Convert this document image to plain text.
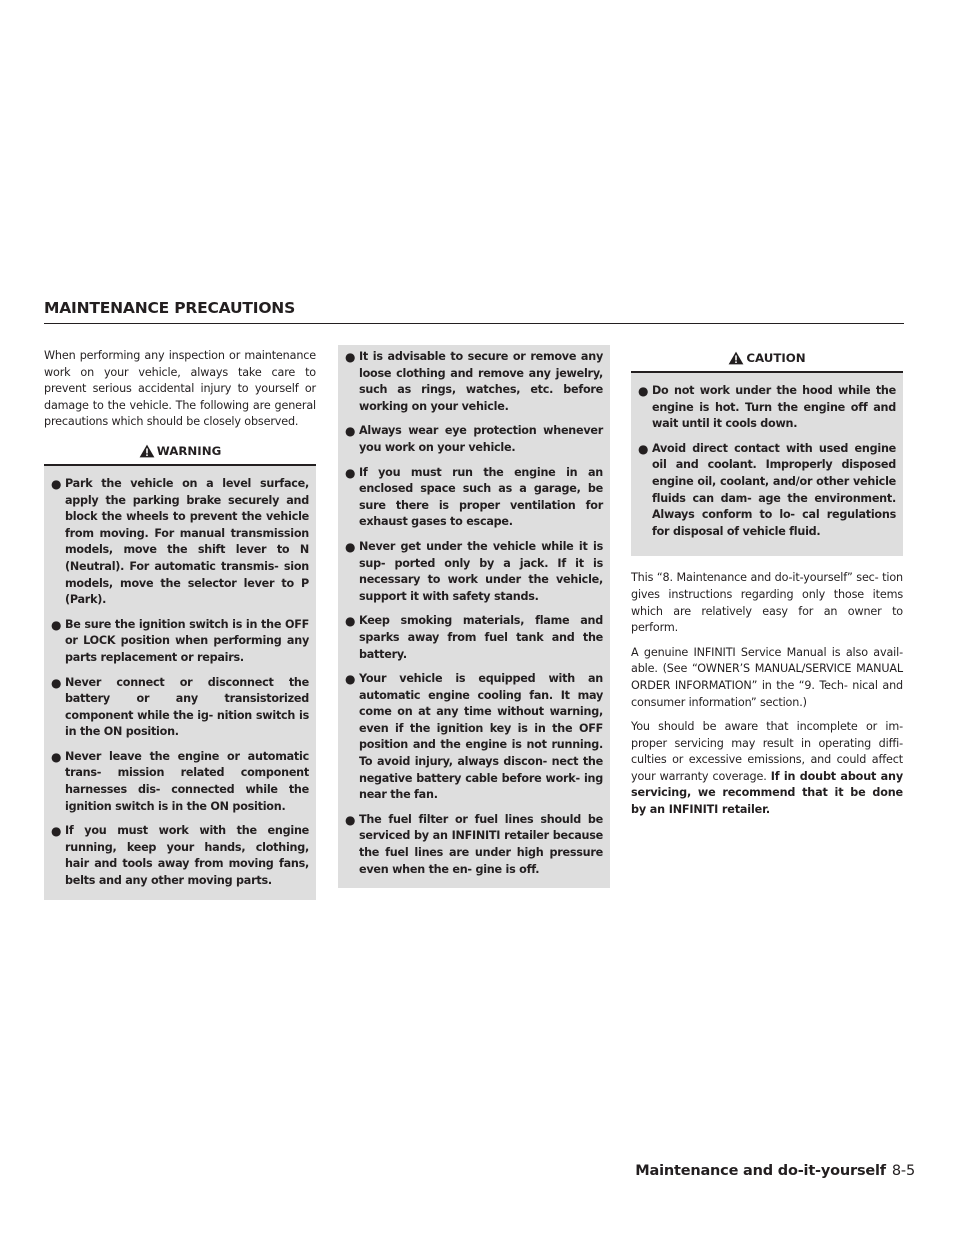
MAINTENANCE PRECAUTIONS

When performing any inspection or maintenance work on your vehicle, always take care to prevent serious accidental injury to yourself or damage to the vehicle. The following are general precautions which should be closely observed.

WARNING
● Park the vehicle on a level surface, apply the parking brake securely and block the wheels to prevent the vehicle from moving. For manual transmission models, move the shift lever to N (Neutral). For automatic transmis- sion models, move the selector lever to P (Park).
● Be sure the ignition switch is in the OFF or LOCK position when performing any parts replacement or repairs.
● Never connect or disconnect the battery or any transistorized component while the ig- nition switch is in the ON position.
● Never leave the engine or automatic trans- mission related component harnesses dis- connected while the ignition switch is in the ON position.
● If you must work with the engine running, keep your hands, clothing, hair and tools away from moving fans, belts and any other moving parts.
● It is advisable to secure or remove any loose clothing and remove any jewelry, such as rings, watches, etc. before working on your vehicle.
● Always wear eye protection whenever you work on your vehicle.
● If you must run the engine in an enclosed space such as a garage, be sure there is proper ventilation for exhaust gases to escape.
● Never get under the vehicle while it is sup- ported only by a jack. If it is necessary to work under the vehicle, support it with safety stands.
● Keep smoking materials, flame and sparks away from fuel tank and the battery.
● Your vehicle is equipped with an automatic engine cooling fan. It may come on at any time without warning, even if the ignition key is in the OFF position and the engine is not running. To avoid injury, always discon- nect the negative battery cable before work- ing near the fan.
● The fuel filter or fuel lines should be serviced by an INFINITI retailer because the fuel lines are under high pressure even when the en- gine is off.
CAUTION
● Do not work under the hood while the engine is hot. Turn the engine off and wait until it cools down.
● Avoid direct contact with used engine oil and coolant. Improperly disposed engine oil, coolant, and/or other vehicle fluids can dam- age the environment. Always conform to lo- cal regulations for disposal of vehicle fluid.

This “8. Maintenance and do-it-yourself” sec- tion gives instructions regarding only those items which are relatively easy for an owner to perform.

A genuine INFINITI Service Manual is also avail- able. (See “OWNER’S MANUAL/SERVICE MANUAL ORDER INFORMATION” in the “9. Tech- nical and consumer information” section.)

You should be aware that incomplete or im- proper servicing may result in operating diffi- culties or excessive emissions, and could affect your warranty coverage. If in doubt about any servicing, we recommend that it be done by an INFINITI retailer.

Maintenance and do-it-yourself 8-5
